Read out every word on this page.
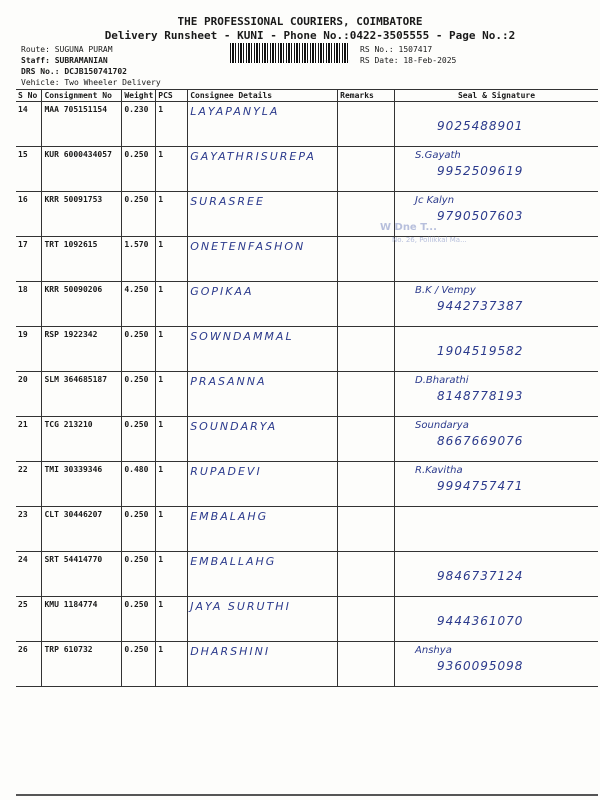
THE PROFESSIONAL COURIERS, COIMBATORE
Delivery Runsheet - KUNI - Phone No.:0422-3505555 - Page No.:2
Route: SUGUNA PURAM
Staff: SUBRAMANIAN
DRS No.: DCJB150741702
Vehicle: Two Wheeler Delivery
RS No.: 1507417
RS Date: 18-Feb-2025
S No	Consignment No	Weight	PCS	Consignee Details	Remarks	Seal & Signature
14	MAA 705151154	0.230	1	LAYAPANYLA		9025488901

15	KUR 6000434057	0.250	1	GAYATHRISUREPA		S.Gayath
9952509619

16	KRR 50091753	0.250	1	SURASREE		Jc Kalyn
9790507603

17	TRT 1092615	1.570	1	ONETENFASHON		

18	KRR 50090206	4.250	1	GOPIKAA		B.K / Vempy
9442737387

19	RSP 1922342	0.250	1	SOWNDAMMAL		1904519582

20	SLM 364685187	0.250	1	PRASANNA		D.Bharathi
8148778193

21	TCG 213210	0.250	1	SOUNDARYA		Soundarya
8667669076

22	TMI 30339346	0.480	1	RUPADEVI		R.Kavitha
9994757471

23	CLT 30446207	0.250	1	EMBALAHG		

24	SRT 54414770	0.250	1	EMBALLAHG		9846737124

25	KMU 1184774	0.250	1	JAYA SURUTHI		9444361070

26	TRP 610732	0.250	1	DHARSHINI		Anshya
9360095098
W Dne T...
No. 26, Pollikkal Ma...
